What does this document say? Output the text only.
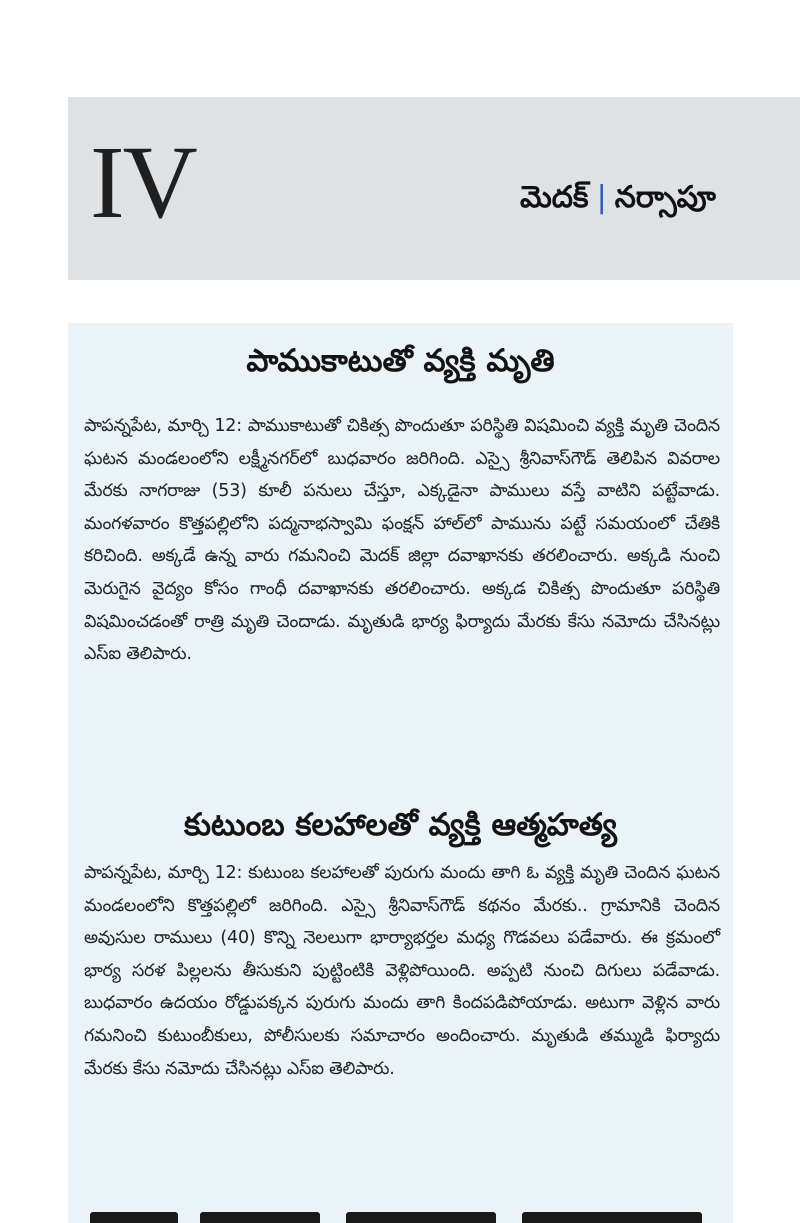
IV	మెదక్ | నర్సాపూ
పాముకాటుతో వ్యక్తి మృతి
పాపన్నపేట, మార్చి 12: పాముకాటుతో చికిత్స పొందుతూ పరిస్థితి విషమించి వ్యక్తి మృతి చెందిన ఘటన మండలంలోని లక్ష్మీనగర్‌లో బుధవారం జరిగింది. ఎస్సై శ్రీనివాస్‌గౌడ్ తెలిపిన వివరాల మేరకు నాగరాజు (53) కూలీ పనులు చేస్తూ, ఎక్కడైనా పాములు వస్తే వాటిని పట్టేవాడు. మంగళవారం కొత్తపల్లిలోని పద్మనాభస్వామి ఫంక్షన్ హాల్‌లో పామును పట్టే సమయంలో చేతికి కరిచింది. అక్కడే ఉన్న వారు గమనించి మెదక్ జిల్లా దవాఖానకు తరలించారు. అక్కడి నుంచి మెరుగైన వైద్యం కోసం గాంధీ దవాఖానకు తరలించారు. అక్కడ చికిత్స పొందుతూ పరిస్థితి విషమించడంతో రాత్రి మృతి చెందాడు. మృతుడి భార్య ఫిర్యాదు మేరకు కేసు నమోదు చేసినట్లు ఎస్‌ఐ తెలిపారు.
కుటుంబ కలహాలతో వ్యక్తి ఆత్మహత్య
పాపన్నపేట, మార్చి 12: కుటుంబ కలహాలతో పురుగు మందు తాగి ఓ వ్యక్తి మృతి చెందిన ఘటన మండలంలోని కొత్తపల్లిలో జరిగింది. ఎస్సై శ్రీనివాస్‌గౌడ్ కథనం మేరకు.. గ్రామానికి చెందిన అవుసుల రాములు (40) కొన్ని నెలలుగా భార్యాభర్తల మధ్య గొడవలు పడేవారు. ఈ క్రమంలో భార్య సరళ పిల్లలను తీసుకుని పుట్టింటికి వెళ్లిపోయింది. అప్పటి నుంచి దిగులు పడేవాడు. బుధవారం ఉదయం రోడ్డుపక్కన పురుగు మందు తాగి కిందపడిపోయాడు. అటుగా వెళ్లిన వారు గమనించి కుటుంబీకులు, పోలీసులకు సమాచారం అందించారు. మృతుడి తమ్ముడి ఫిర్యాదు మేరకు కేసు నమోదు చేసినట్లు ఎస్‌ఐ తెలిపారు.
